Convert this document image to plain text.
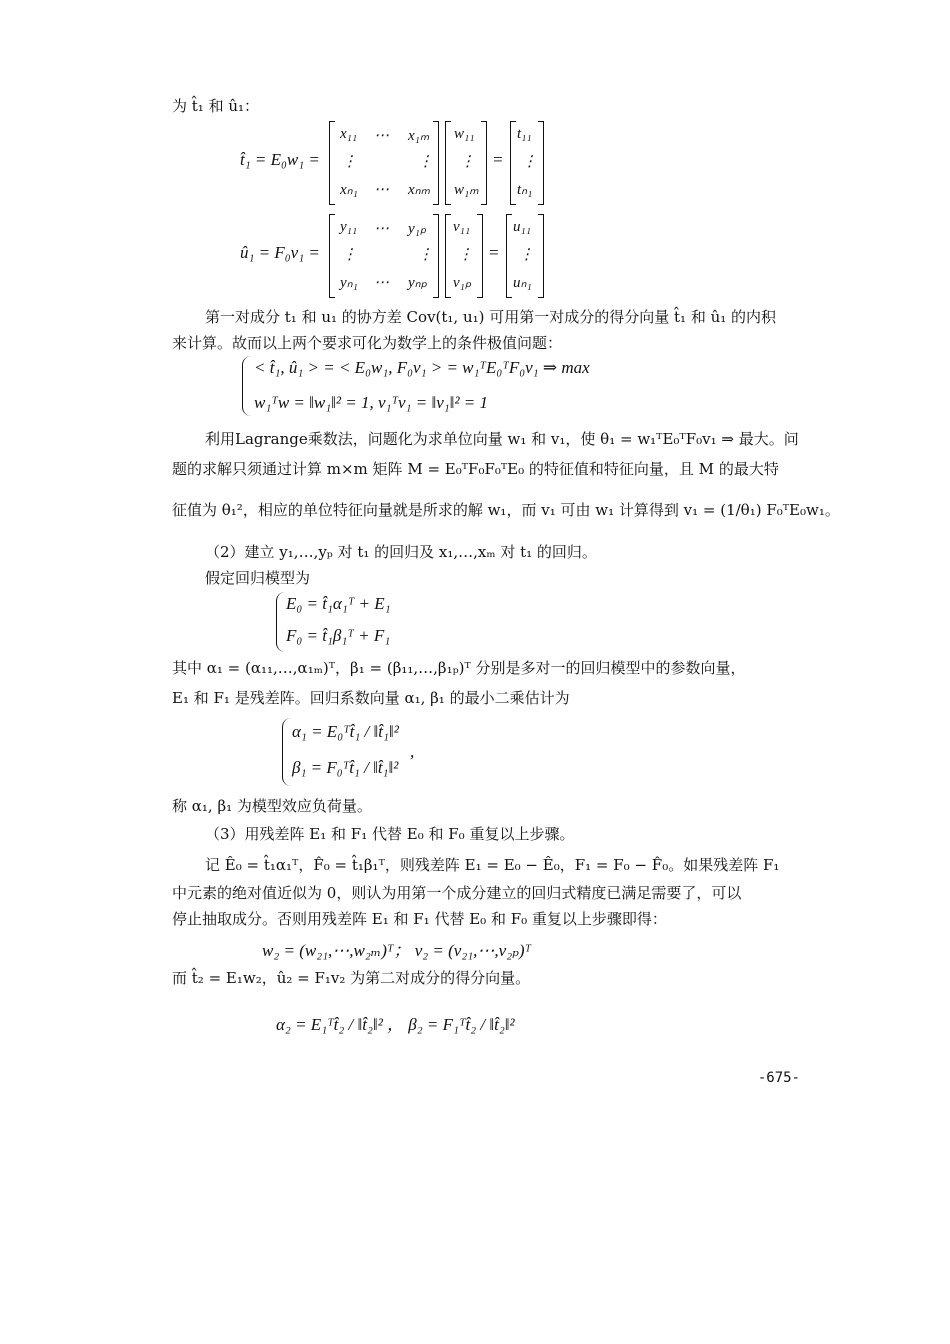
为 t̂₁ 和 û₁：
t̂₁ = E₀w₁ =
x₁₁ ⋯ x₁ₘ
⋮	⋮
xₙ₁ ⋯ xₙₘ
w₁₁
⋮
w₁ₘ
=
t₁₁
⋮
tₙ₁
û₁ = F₀v₁ =
y₁₁ ⋯ y₁ₚ
⋮	⋮
yₙ₁ ⋯ yₙₚ
v₁₁
⋮
v₁ₚ
=
u₁₁
⋮
uₙ₁
第一对成分 t₁ 和 u₁ 的协方差 Cov(t₁, u₁) 可用第一对成分的得分向量 t̂₁ 和 û₁ 的内积
来计算。故而以上两个要求可化为数学上的条件极值问题：
< t̂₁, û₁ > = < E₀w₁, F₀v₁ > = w₁ᵀE₀ᵀF₀v₁ ⇒ max
w₁ᵀw = ‖w₁‖² = 1, v₁ᵀv₁ = ‖v₁‖² = 1
利用Lagrange乘数法，问题化为求单位向量 w₁ 和 v₁，使 θ₁ = w₁ᵀE₀ᵀF₀v₁ ⇒ 最大。问
题的求解只须通过计算 m×m 矩阵 M = E₀ᵀF₀F₀ᵀE₀ 的特征值和特征向量，且 M 的最大特
征值为 θ₁²，相应的单位特征向量就是所求的解 w₁，而 v₁ 可由 w₁ 计算得到 v₁ = (1/θ₁) F₀ᵀE₀w₁。
（2）建立 y₁,…,yₚ 对 t₁ 的回归及 x₁,…,xₘ 对 t₁ 的回归。
假定回归模型为
E₀ = t̂₁α₁ᵀ + E₁
F₀ = t̂₁β₁ᵀ + F₁
其中 α₁ = (α₁₁,…,α₁ₘ)ᵀ，β₁ = (β₁₁,…,β₁ₚ)ᵀ 分别是多对一的回归模型中的参数向量，
E₁ 和 F₁ 是残差阵。回归系数向量 α₁, β₁ 的最小二乘估计为
α₁ = E₀ᵀt̂₁ / ‖t̂₁‖²
β₁ = F₀ᵀt̂₁ / ‖t̂₁‖²
,
称 α₁, β₁ 为模型效应负荷量。
（3）用残差阵 E₁ 和 F₁ 代替 E₀ 和 F₀ 重复以上步骤。
记 Ê₀ = t̂₁α₁ᵀ，F̂₀ = t̂₁β₁ᵀ，则残差阵 E₁ = E₀ − Ê₀，F₁ = F₀ − F̂₀。如果残差阵 F₁
中元素的绝对值近似为 0，则认为用第一个成分建立的回归式精度已满足需要了，可以
停止抽取成分。否则用残差阵 E₁ 和 F₁ 代替 E₀ 和 F₀ 重复以上步骤即得：
w₂ = (w₂₁,⋯,w₂ₘ)ᵀ； v₂ = (v₂₁,⋯,v₂ₚ)ᵀ
而 t̂₂ = E₁w₂，û₂ = F₁v₂ 为第二对成分的得分向量。
α₂ = E₁ᵀt̂₂ / ‖t̂₂‖² ， β₂ = F₁ᵀt̂₂ / ‖t̂₂‖²
-675-
